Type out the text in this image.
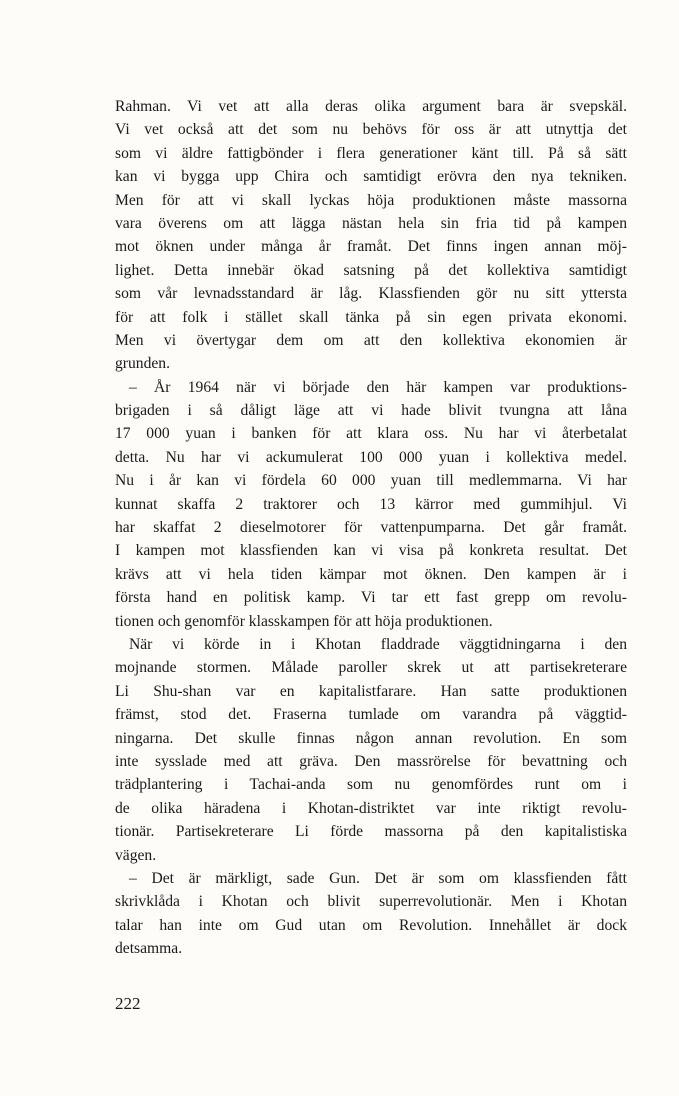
Rahman. Vi vet att alla deras olika argument bara är svepskäl.
Vi vet också att det som nu behövs för oss är att utnyttja det
som vi äldre fattigbönder i flera generationer känt till. På så sätt
kan vi bygga upp Chira och samtidigt erövra den nya tekniken.
Men för att vi skall lyckas höja produktionen måste massorna
vara överens om att lägga nästan hela sin fria tid på kampen
mot öknen under många år framåt. Det finns ingen annan möj-
lighet. Detta innebär ökad satsning på det kollektiva samtidigt
som vår levnadsstandard är låg. Klassfienden gör nu sitt yttersta
för att folk i stället skall tänka på sin egen privata ekonomi.
Men vi övertygar dem om att den kollektiva ekonomien är
grunden.
– År 1964 när vi började den här kampen var produktions-
brigaden i så dåligt läge att vi hade blivit tvungna att låna
17 000 yuan i banken för att klara oss. Nu har vi återbetalat
detta. Nu har vi ackumulerat 100 000 yuan i kollektiva medel.
Nu i år kan vi fördela 60 000 yuan till medlemmarna. Vi har
kunnat skaffa 2 traktorer och 13 kärror med gummihjul. Vi
har skaffat 2 dieselmotorer för vattenpumparna. Det går framåt.
I kampen mot klassfienden kan vi visa på konkreta resultat. Det
krävs att vi hela tiden kämpar mot öknen. Den kampen är i
första hand en politisk kamp. Vi tar ett fast grepp om revolu-
tionen och genomför klasskampen för att höja produktionen.
När vi körde in i Khotan fladdrade väggtidningarna i den
mojnande stormen. Målade paroller skrek ut att partisekreterare
Li Shu-shan var en kapitalistfarare. Han satte produktionen
främst, stod det. Fraserna tumlade om varandra på väggtid-
ningarna. Det skulle finnas någon annan revolution. En som
inte sysslade med att gräva. Den massrörelse för bevattning och
trädplantering i Tachai-anda som nu genomfördes runt om i
de olika häradena i Khotan-distriktet var inte riktigt revolu-
tionär. Partisekreterare Li förde massorna på den kapitalistiska
vägen.
– Det är märkligt, sade Gun. Det är som om klassfienden fått
skrivklåda i Khotan och blivit superrevolutionär. Men i Khotan
talar han inte om Gud utan om Revolution. Innehållet är dock
detsamma.
222
